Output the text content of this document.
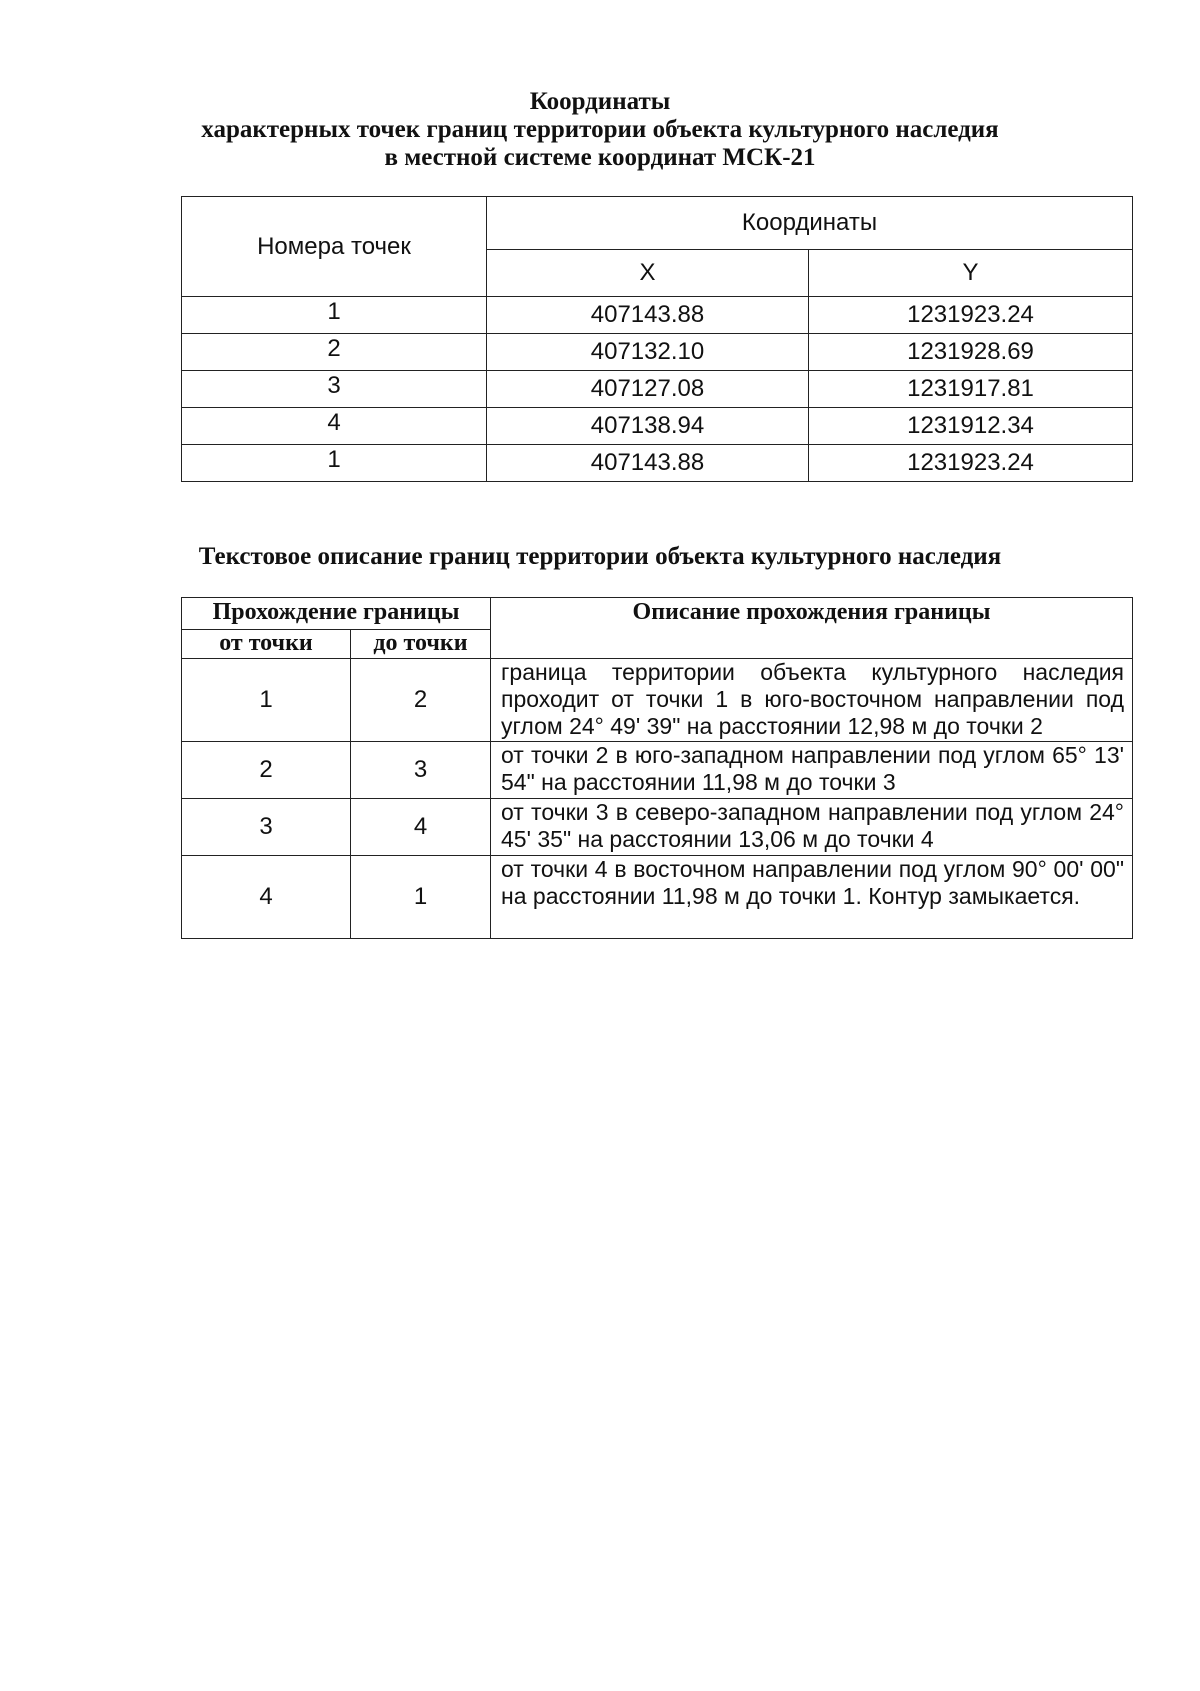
Координаты
характерных точек границ территории объекта культурного наследия
в местной системе координат МСК-21
Номера точек	Координаты	
	X	Y
1	407143.88	1231923.24
2	407132.10	1231928.69
3	407127.08	1231917.81
4	407138.94	1231912.34
1	407143.88	1231923.24
Текстовое описание границ территории объекта культурного наследия
Прохождение границы		Описание прохождения границы
от точки	до точки	
1	2	граница территории объекта культурного наследия проходит от точки 1 в юго-восточном направлении под углом 24° 49' 39" на расстоянии 12,98 м до точки 2
2	3	от точки 2 в юго-западном направлении под углом 65° 13' 54" на расстоянии 11,98 м до точки 3
3	4	от точки 3 в северо-западном направлении под углом 24° 45' 35" на расстоянии 13,06 м до точки 4
4	1	от точки 4 в восточном направлении под углом 90° 00' 00" на расстоянии 11,98 м до точки 1. Контур замыкается.
